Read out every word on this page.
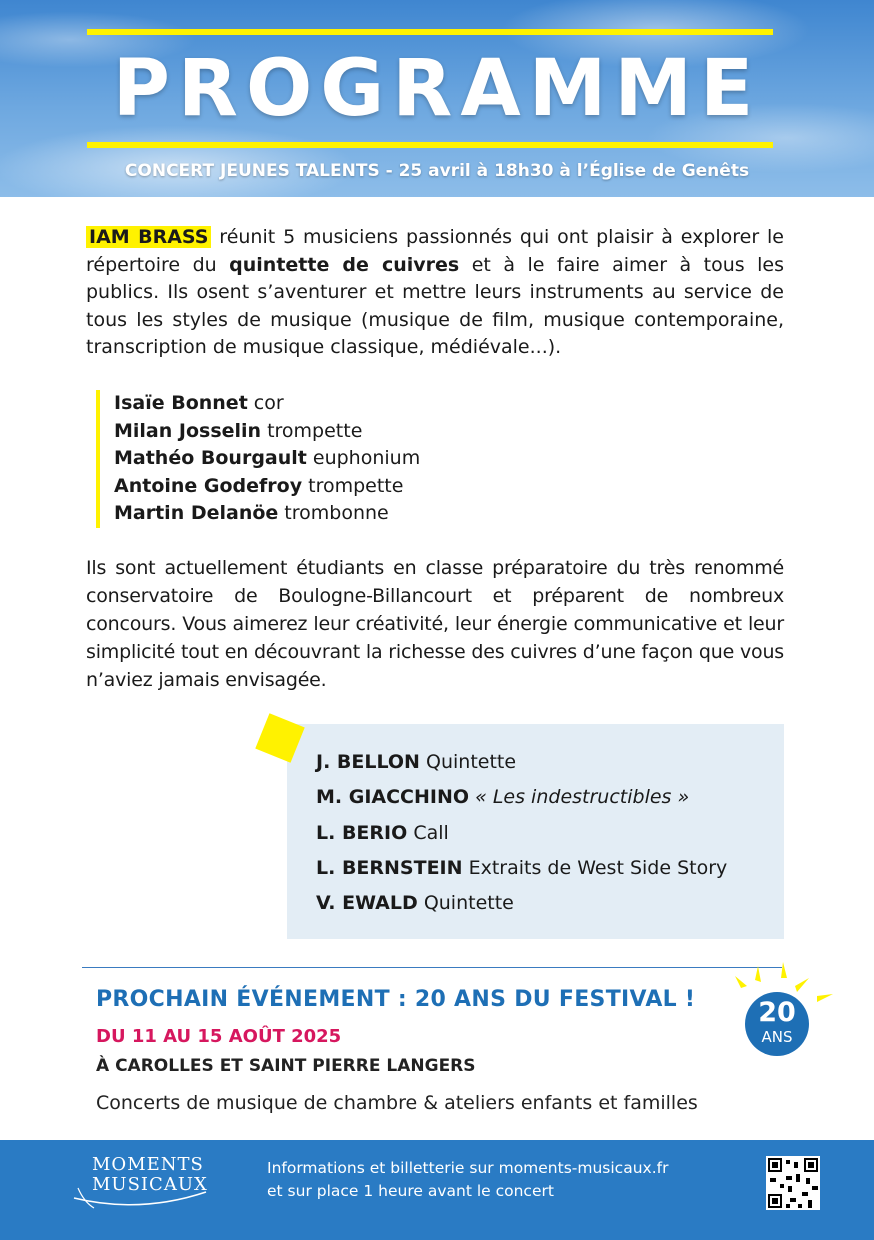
PROGRAMME
CONCERT JEUNES TALENTS - 25 avril à 18h30 à l’Église de Genêts

IAM BRASS réunit 5 musiciens passionnés qui ont plaisir à explorer le répertoire du quintette de cuivres et à le faire aimer à tous les publics. Ils osent s’aventurer et mettre leurs instruments au service de tous les styles de musique (musique de film, musique contemporaine, transcription de musique classique, médiévale...).

Isaïe Bonnet cor
Milan Josselin trompette
Mathéo Bourgault euphonium
Antoine Godefroy trompette
Martin Delanöe trombonne

Ils sont actuellement étudiants en classe préparatoire du très renommé conservatoire de Boulogne-Billancourt et préparent de nombreux concours. Vous aimerez leur créativité, leur énergie communicative et leur simplicité tout en découvrant la richesse des cuivres d’une façon que vous n’aviez jamais envisagée.

J. BELLON Quintette
M. GIACCHINO « Les indestructibles »
L. BERIO Call
L. BERNSTEIN Extraits de West Side Story
V. EWALD Quintette
PROCHAIN ÉVÉNEMENT : 20 ANS DU FESTIVAL !
DU 11 AU 15 AOÛT 2025
À CAROLLES ET SAINT PIERRE LANGERS
Concerts de musique de chambre & ateliers enfants et familles
20
ANS
MOMENTS
MUSICAUX
Informations et billetterie sur moments-musicaux.fr
et sur place 1 heure avant le concert
